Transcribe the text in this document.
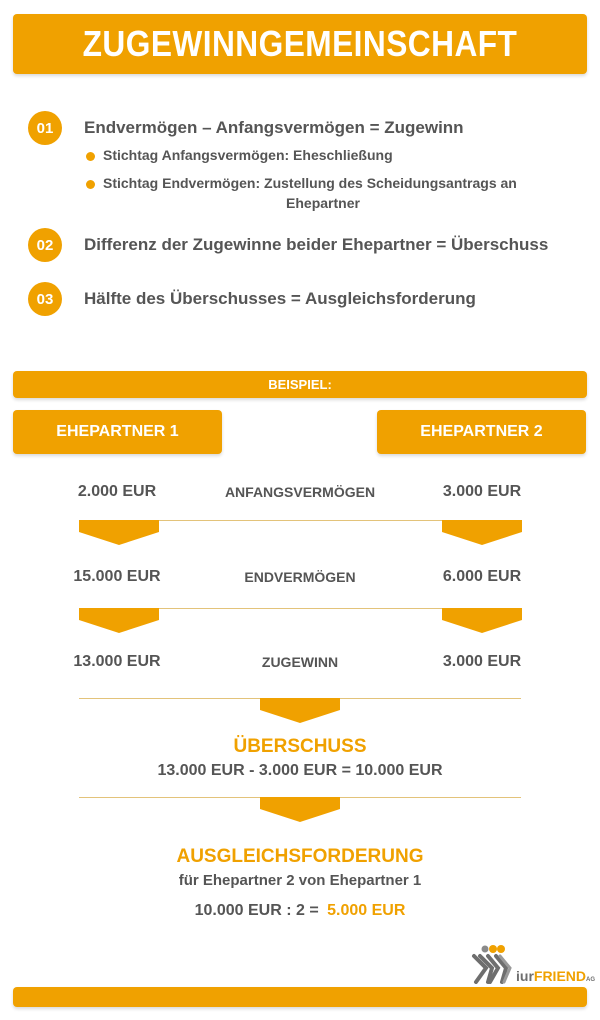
ZUGEWINNGEMEINSCHAFT
01 Endvermögen – Anfangsvermögen = Zugewinn
Stichtag Anfangsvermögen: Eheschließung
Stichtag Endvermögen: Zustellung des Scheidungsantrags an
Ehepartner
02 Differenz der Zugewinne beider Ehepartner = Überschuss
03 Hälfte des Überschusses = Ausgleichsforderung
BEISPIEL:
EHEPARTNER 1	EHEPARTNER 2
2.000 EUR	ANFANGSVERMÖGEN	3.000 EUR
15.000 EUR	ENDVERMÖGEN	6.000 EUR
13.000 EUR	ZUGEWINN	3.000 EUR
ÜBERSCHUSS
13.000 EUR - 3.000 EUR = 10.000 EUR
AUSGLEICHSFORDERUNG
für Ehepartner 2 von Ehepartner 1
10.000 EUR : 2 = 5.000 EUR
iurFRIENDAG
